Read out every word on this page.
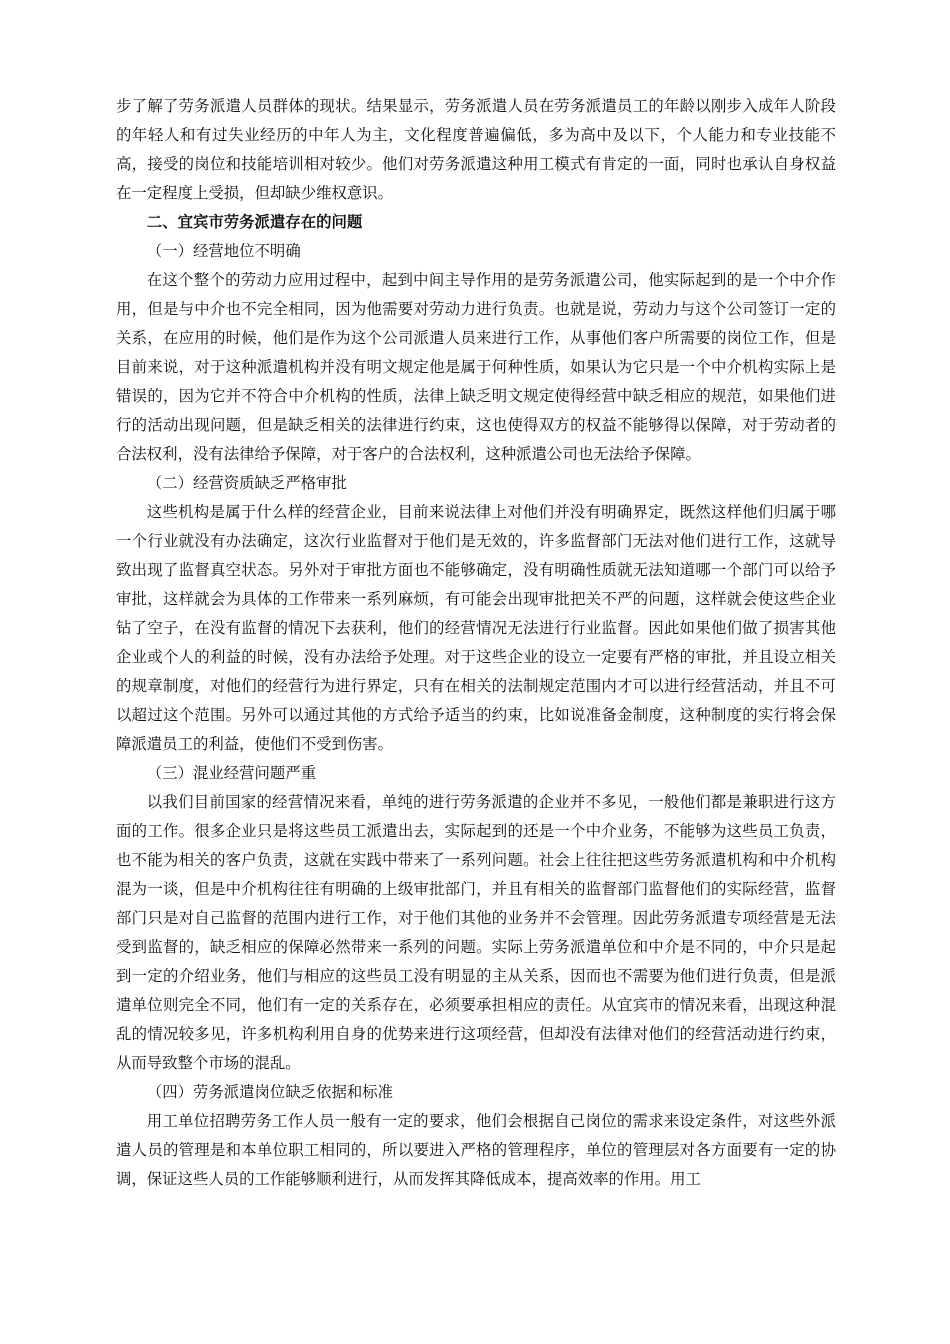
步了解了劳务派遣人员群体的现状。结果显示，劳务派遣人员在劳务派遣员工的年龄以刚步入成年人阶段的年轻人和有过失业经历的中年人为主，文化程度普遍偏低，多为高中及以下，个人能力和专业技能不高，接受的岗位和技能培训相对较少。他们对劳务派遣这种用工模式有肯定的一面，同时也承认自身权益在一定程度上受损，但却缺少维权意识。

二、宜宾市劳务派遣存在的问题

（一）经营地位不明确

在这个整个的劳动力应用过程中，起到中间主导作用的是劳务派遣公司，他实际起到的是一个中介作用，但是与中介也不完全相同，因为他需要对劳动力进行负责。也就是说，劳动力与这个公司签订一定的关系，在应用的时候，他们是作为这个公司派遣人员来进行工作，从事他们客户所需要的岗位工作，但是目前来说，对于这种派遣机构并没有明文规定他是属于何种性质，如果认为它只是一个中介机构实际上是错误的，因为它并不符合中介机构的性质，法律上缺乏明文规定使得经营中缺乏相应的规范，如果他们进行的活动出现问题，但是缺乏相关的法律进行约束，这也使得双方的权益不能够得以保障，对于劳动者的合法权利，没有法律给予保障，对于客户的合法权利，这种派遣公司也无法给予保障。

（二）经营资质缺乏严格审批

这些机构是属于什么样的经营企业，目前来说法律上对他们并没有明确界定，既然这样他们归属于哪一个行业就没有办法确定，这次行业监督对于他们是无效的，许多监督部门无法对他们进行工作，这就导致出现了监督真空状态。另外对于审批方面也不能够确定，没有明确性质就无法知道哪一个部门可以给予审批，这样就会为具体的工作带来一系列麻烦，有可能会出现审批把关不严的问题，这样就会使这些企业钻了空子，在没有监督的情况下去获利，他们的经营情况无法进行行业监督。因此如果他们做了损害其他企业或个人的利益的时候，没有办法给予处理。对于这些企业的设立一定要有严格的审批，并且设立相关的规章制度，对他们的经营行为进行界定，只有在相关的法制规定范围内才可以进行经营活动，并且不可以超过这个范围。另外可以通过其他的方式给予适当的约束，比如说准备金制度，这种制度的实行将会保障派遣员工的利益，使他们不受到伤害。

（三）混业经营问题严重

以我们目前国家的经营情况来看，单纯的进行劳务派遣的企业并不多见，一般他们都是兼职进行这方面的工作。很多企业只是将这些员工派遣出去，实际起到的还是一个中介业务，不能够为这些员工负责，也不能为相关的客户负责，这就在实践中带来了一系列问题。社会上往往把这些劳务派遣机构和中介机构混为一谈，但是中介机构往往有明确的上级审批部门，并且有相关的监督部门监督他们的实际经营，监督部门只是对自己监督的范围内进行工作，对于他们其他的业务并不会管理。因此劳务派遣专项经营是无法受到监督的，缺乏相应的保障必然带来一系列的问题。实际上劳务派遣单位和中介是不同的，中介只是起到一定的介绍业务，他们与相应的这些员工没有明显的主从关系，因而也不需要为他们进行负责，但是派遣单位则完全不同，他们有一定的关系存在，必须要承担相应的责任。从宜宾市的情况来看，出现这种混乱的情况较多见，许多机构利用自身的优势来进行这项经营，但却没有法律对他们的经营活动进行约束，从而导致整个市场的混乱。

（四）劳务派遣岗位缺乏依据和标准

用工单位招聘劳务工作人员一般有一定的要求，他们会根据自己岗位的需求来设定条件，对这些外派遣人员的管理是和本单位职工相同的，所以要进入严格的管理程序，单位的管理层对各方面要有一定的协调，保证这些人员的工作能够顺利进行，从而发挥其降低成本，提高效率的作用。用工
